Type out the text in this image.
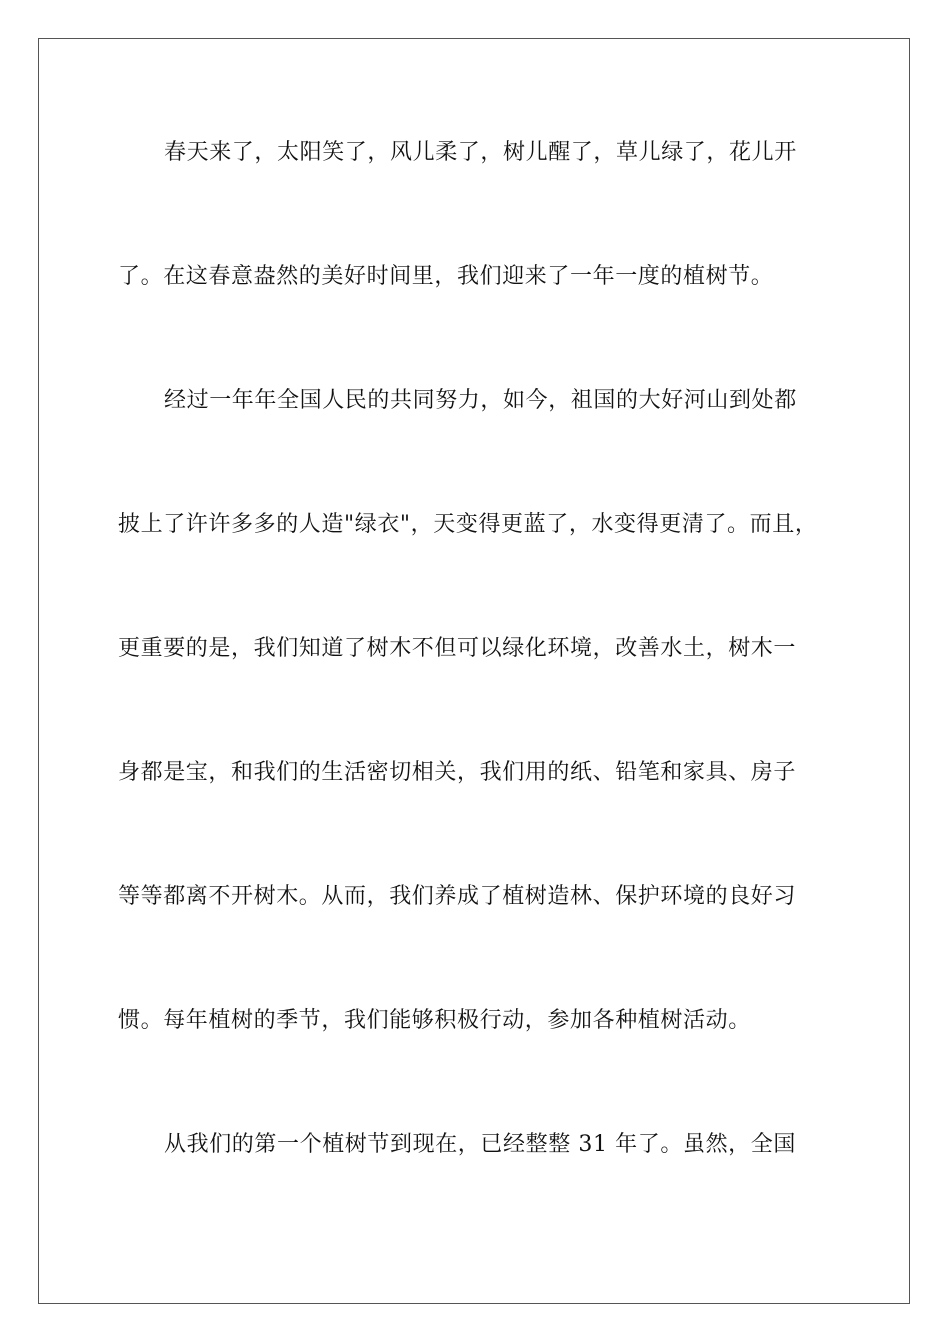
春天来了，太阳笑了，风儿柔了，树儿醒了，草儿绿了，花儿开
了。在这春意盎然的美好时间里，我们迎来了一年一度的植树节。
经过一年年全国人民的共同努力，如今，祖国的大好河山到处都
披上了许许多多的人造"绿衣"，天变得更蓝了，水变得更清了。而且，
更重要的是，我们知道了树木不但可以绿化环境，改善水土，树木一
身都是宝，和我们的生活密切相关，我们用的纸、铅笔和家具、房子
等等都离不开树木。从而，我们养成了植树造林、保护环境的良好习
惯。每年植树的季节，我们能够积极行动，参加各种植树活动。
从我们的第一个植树节到现在，已经整整 31 年了。虽然，全国
